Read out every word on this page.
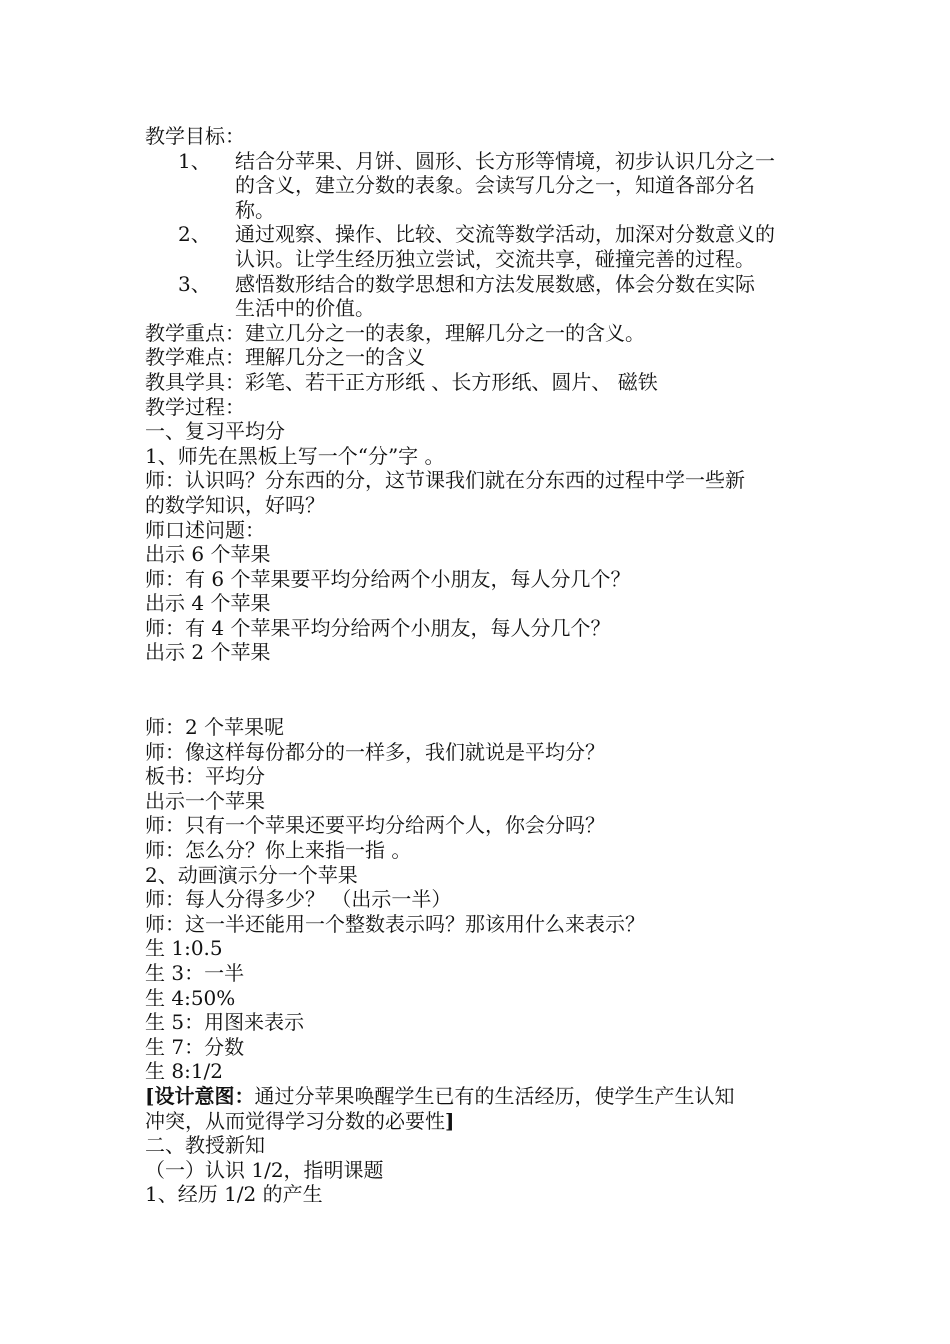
教学目标：
1、	结合分苹果、月饼、圆形、长方形等情境，初步认识几分之一
的含义，建立分数的表象。会读写几分之一，知道各部分名
称。
2、	通过观察、操作、比较、交流等数学活动，加深对分数意义的
认识。让学生经历独立尝试，交流共享，碰撞完善的过程。
3、	感悟数形结合的数学思想和方法发展数感，体会分数在实际
生活中的价值。
教学重点：建立几分之一的表象，理解几分之一的含义。
教学难点：理解几分之一的含义
教具学具：彩笔、若干正方形纸 、长方形纸、圆片、 磁铁
教学过程：
一、复习平均分
1、师先在黑板上写一个“分”字 。
师：认识吗？分东西的分，这节课我们就在分东西的过程中学一些新
的数学知识，好吗？
师口述问题：
出示 6 个苹果
师：有 6 个苹果要平均分给两个小朋友，每人分几个？
出示 4 个苹果
师：有 4 个苹果平均分给两个小朋友，每人分几个？
出示 2 个苹果
师：2 个苹果呢
师：像这样每份都分的一样多，我们就说是平均分？
板书：平均分
出示一个苹果
师：只有一个苹果还要平均分给两个人，你会分吗？
师：怎么分？你上来指一指 。
2、动画演示分一个苹果
师：每人分得多少？ （出示一半）
师：这一半还能用一个整数表示吗？那该用什么来表示？
生 1:0.5
生 3：一半
生 4:50%
生 5：用图来表示
生 7：分数
生 8:1/2
[设计意图：通过分苹果唤醒学生已有的生活经历，使学生产生认知
冲突，从而觉得学习分数的必要性]
二、教授新知
（一）认识 1/2，指明课题
1、经历 1/2 的产生
